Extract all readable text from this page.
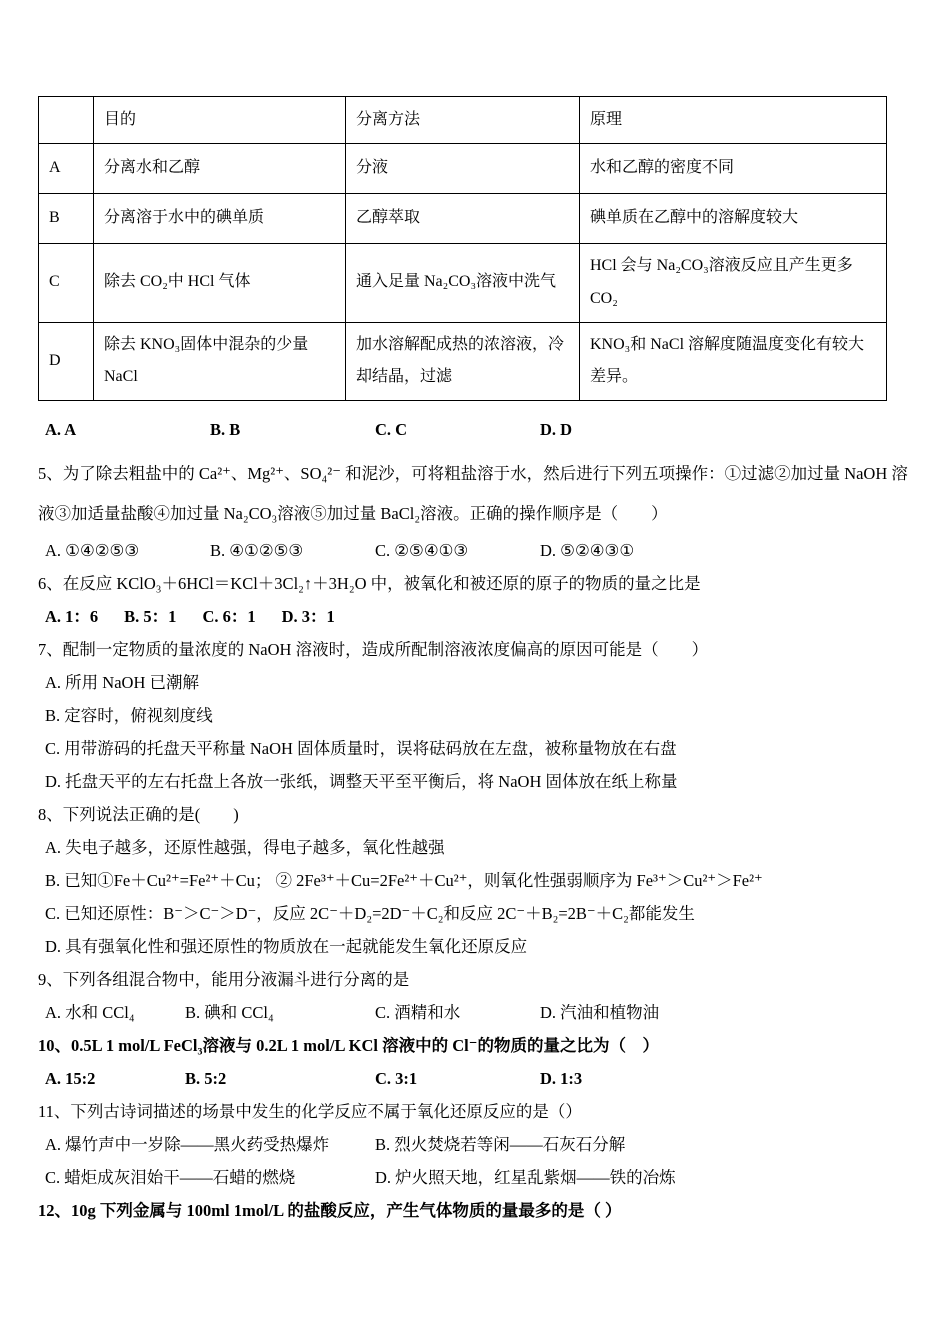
	目的	分离方法	原理
A	分离水和乙醇	分液	水和乙醇的密度不同
B	分离溶于水中的碘单质	乙醇萃取	碘单质在乙醇中的溶解度较大
C	除去 CO₂中 HCl 气体	通入足量 Na₂CO₃溶液中洗气	HCl 会与 Na₂CO₃溶液反应且产生更多 CO₂
D	除去 KNO₃固体中混杂的少量 NaCl	加水溶解配成热的浓溶液，冷却结晶，过滤	KNO₃和 NaCl 溶解度随温度变化有较大差异。
A. A	B. B	C. C	D. D

5、为了除去粗盐中的 Ca²⁺、Mg²⁺、SO₄²⁻ 和泥沙，可将粗盐溶于水，然后进行下列五项操作：①过滤②加过量 NaOH 溶液③加适量盐酸④加过量 Na₂CO₃溶液⑤加过量 BaCl₂溶液。正确的操作顺序是（　　）

A. ①④②⑤③	B. ④①②⑤③	C. ②⑤④①③	D. ⑤②④③①

6、在反应 KClO₃＋6HCl＝KCl＋3Cl₂↑＋3H₂O 中，被氧化和被还原的原子的物质的量之比是

A. 1：6 B. 5：1 C. 6：1 D. 3：1

7、配制一定物质的量浓度的 NaOH 溶液时，造成所配制溶液浓度偏高的原因可能是（　　）

A. 所用 NaOH 已潮解

B. 定容时，俯视刻度线

C. 用带游码的托盘天平称量 NaOH 固体质量时，误将砝码放在左盘，被称量物放在右盘

D. 托盘天平的左右托盘上各放一张纸，调整天平至平衡后，将 NaOH 固体放在纸上称量

8、下列说法正确的是(　　)

A. 失电子越多，还原性越强，得电子越多，氧化性越强

B. 已知①Fe＋Cu²⁺=Fe²⁺＋Cu； ② 2Fe³⁺＋Cu=2Fe²⁺＋Cu²⁺，则氧化性强弱顺序为 Fe³⁺＞Cu²⁺＞Fe²⁺

C. 已知还原性：B⁻＞C⁻＞D⁻，反应 2C⁻＋D₂=2D⁻＋C₂和反应 2C⁻＋B₂=2B⁻＋C₂都能发生

D. 具有强氧化性和强还原性的物质放在一起就能发生氧化还原反应

9、下列各组混合物中，能用分液漏斗进行分离的是

A. 水和 CCl₄	B. 碘和 CCl₄	C. 酒精和水	D. 汽油和植物油

10、0.5L 1 mol/L FeCl₃溶液与 0.2L 1 mol/L KCl 溶液中的 Cl⁻的物质的量之比为（　）

A. 15:2	B. 5:2	C. 3:1	D. 1:3

11、下列古诗词描述的场景中发生的化学反应不属于氧化还原反应的是（）

A. 爆竹声中一岁除——黑火药受热爆炸	B. 烈火焚烧若等闲——石灰石分解
C. 蜡炬成灰泪始干——石蜡的燃烧	D. 炉火照天地，红星乱紫烟——铁的冶炼

12、10g 下列金属与 100ml 1mol/L 的盐酸反应，产生气体物质的量最多的是（ ）
